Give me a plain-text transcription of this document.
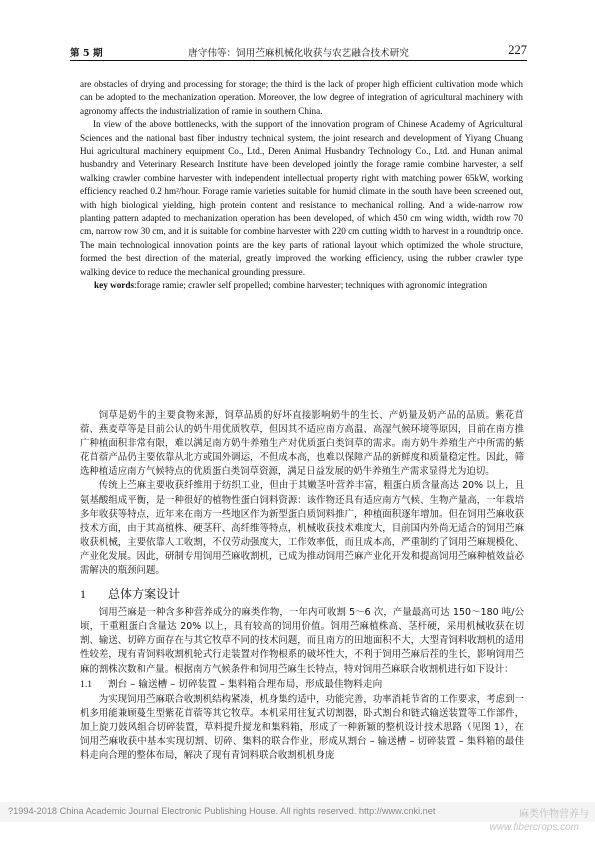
第 5 期	唐守伟等：饲用苎麻机械化收获与农艺融合技术研究	227

are obstacles of drying and processing for storage; the third is the lack of proper high efficient cultivation mode which can be adopted to the mechanization operation. Moreover, the low degree of integration of agricultural machinery with agronomy affects the industrialization of ramie in southern China.

In view of the above bottlenecks, with the support of the innovation program of Chinese Academy of Agricultural Sciences and the national bast fiber industry technical system, the joint research and development of Yiyang Chuang Hui agricultural machinery equipment Co., Ltd., Deren Animal Husbandry Technology Co., Ltd. and Hunan animal husbandry and Veterinary Research Institute have been developed jointly the forage ramie combine harvester, a self walking crawler combine harvester with independent intellectual property right with matching power 65kW, working efficiency reached 0.2 hm²/hour. Forage ramie varieties suitable for humid climate in the south have been screened out, with high biological yielding, high protein content and resistance to mechanical rolling. And a wide-narrow row planting pattern adapted to mechanization operation has been developed, of which 450 cm wing width, width row 70 cm, narrow row 30 cm, and it is suitable for combine harvester with 220 cm cutting width to harvest in a roundtrip once. The main technological innovation points are the key parts of rational layout which optimized the whole structure, formed the best direction of the material, greatly improved the working efficiency, using the rubber crawler type walking device to reduce the mechanical grounding pressure.

key words:forage ramie; crawler self propelled; combine harvester; techniques with agronomic integration

饲草是奶牛的主要食物来源，饲草品质的好坏直接影响奶牛的生长、产奶量及奶产品的品质。紫花苜蓿、燕麦草等是目前公认的奶牛用优质牧草，但因其不适应南方高温、高湿气候环境等原因，目前在南方推广种植面积非常有限，难以满足南方奶牛养殖生产对优质蛋白类饲草的需求。南方奶牛养殖生产中所需的紫花苜蓿产品仍主要依靠从北方或国外调运，不但成本高，也难以保障产品的新鲜度和质量稳定性。因此，筛选种植适应南方气候特点的优质蛋白类饲草资源，满足日益发展的奶牛养殖生产需求显得尤为迫切。

传统上苎麻主要收获纤维用于纺织工业，但由于其嫩茎叶营养丰富，粗蛋白质含量高达 20% 以上，且氨基酸组成平衡，是一种很好的植物性蛋白饲料资源：该作物还具有适应南方气候、生物产量高，一年栽培多年收获等特点，近年来在南方一些地区作为新型蛋白质饲料推广，种植面积逐年增加。但在饲用苎麻收获技术方面，由于其高植株、硬茎秆、高纤维等特点，机械收获技术难度大，目前国内外尚无适合的饲用苎麻收获机械，主要依靠人工收割，不仅劳动强度大，工作效率低，而且成本高，严重制约了饲用苎麻规模化、产业化发展。因此，研制专用饲用苎麻收割机，已成为推动饲用苎麻产业化开发和提高饲用苎麻种植效益必需解决的瓶颈问题。

1 总体方案设计

饲用苎麻是一种含多种营养成分的麻类作物，一年内可收割 5～6 次，产量最高可达 150～180 吨/公顷，干重粗蛋白含量达 20% 以上，具有较高的饲用价值。饲用苎麻植株高、茎杆硬，采用机械收获在切割、输送、切碎方面存在与其它牧草不同的技术问题，而且南方的田地面积不大，大型青饲料收割机的适用性较差，现有青饲料收割机轮式行走装置对作物根系的破坏性大，不利于饲用苎麻后茬的生长，影响饲用苎麻的割株次数和产量。根据南方气候条件和饲用苎麻生长特点，特对饲用苎麻联合收割机进行如下设计：

1.1 割台 – 输送槽 – 切碎装置 – 集料箱合理布局，形成最佳物料走向

为实现饲用苎麻联合收割机结构紧凑，机身集约适中，功能完善，功率消耗节省的工作要求，考虑到一机多用能兼顾蔓生型紫花苜蓿等其它牧草。本机采用往复式切割器，卧式割台和链式输送装置等工作部件，加上旋刀鼓风组合切碎装置，草料提升搅龙和集料箱，形成了一种新颖的整机设计技术思路（见图 1），在饲用苎麻收获中基本实现切割、切碎、集料的联合作业，形成从割台 – 输送槽 – 切碎装置 – 集料箱的最佳料走向合理的整体布局，解决了现有青饲料联合收割机机身庞

?1994-2018 China Academic Journal Electronic Publishing House. All rights reserved. http://www.cnki.net	麻类作物营养与
www.fibercrops.com
